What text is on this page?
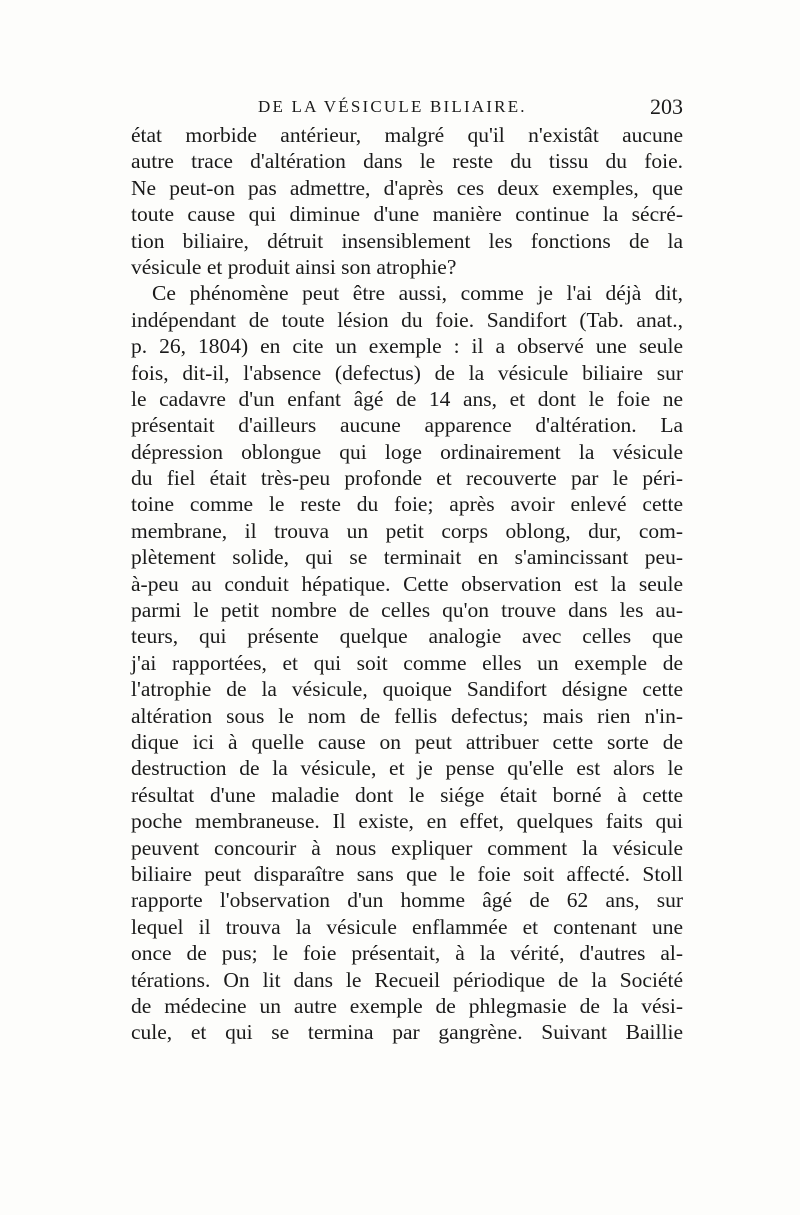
DE LA VÉSICULE BILIAIRE.	203
état morbide antérieur, malgré qu'il n'existât aucune
autre trace d'altération dans le reste du tissu du foie.
Ne peut-on pas admettre, d'après ces deux exemples, que
toute cause qui diminue d'une manière continue la sécré-
tion biliaire, détruit insensiblement les fonctions de la
vésicule et produit ainsi son atrophie?
Ce phénomène peut être aussi, comme je l'ai déjà dit,
indépendant de toute lésion du foie. Sandifort (Tab. anat.,
p. 26, 1804) en cite un exemple : il a observé une seule
fois, dit-il, l'absence (defectus) de la vésicule biliaire sur
le cadavre d'un enfant âgé de 14 ans, et dont le foie ne
présentait d'ailleurs aucune apparence d'altération. La
dépression oblongue qui loge ordinairement la vésicule
du fiel était très-peu profonde et recouverte par le péri-
toine comme le reste du foie; après avoir enlevé cette
membrane, il trouva un petit corps oblong, dur, com-
plètement solide, qui se terminait en s'amincissant peu-
à-peu au conduit hépatique. Cette observation est la seule
parmi le petit nombre de celles qu'on trouve dans les au-
teurs, qui présente quelque analogie avec celles que
j'ai rapportées, et qui soit comme elles un exemple de
l'atrophie de la vésicule, quoique Sandifort désigne cette
altération sous le nom de fellis defectus; mais rien n'in-
dique ici à quelle cause on peut attribuer cette sorte de
destruction de la vésicule, et je pense qu'elle est alors le
résultat d'une maladie dont le siége était borné à cette
poche membraneuse. Il existe, en effet, quelques faits qui
peuvent concourir à nous expliquer comment la vésicule
biliaire peut disparaître sans que le foie soit affecté. Stoll
rapporte l'observation d'un homme âgé de 62 ans, sur
lequel il trouva la vésicule enflammée et contenant une
once de pus; le foie présentait, à la vérité, d'autres al-
térations. On lit dans le Recueil périodique de la Société
de médecine un autre exemple de phlegmasie de la vési-
cule, et qui se termina par gangrène. Suivant Baillie
